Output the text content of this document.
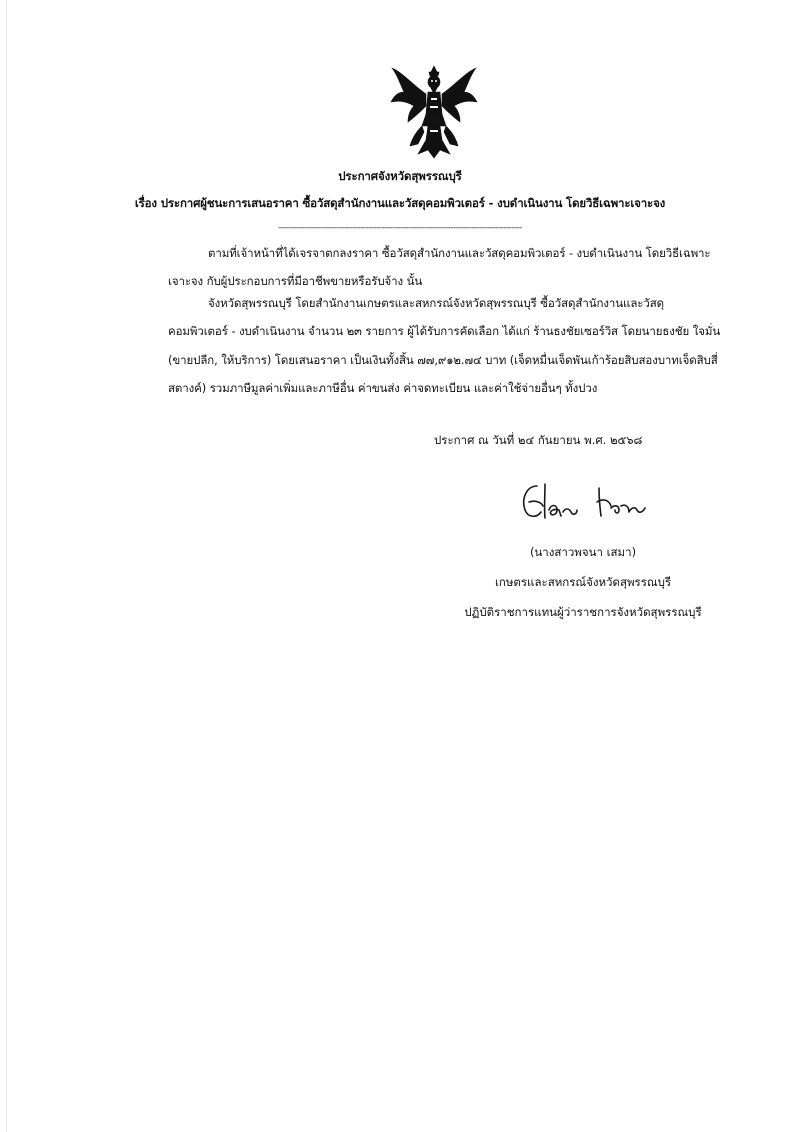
ประกาศจังหวัดสุพรรณบุรี
เรื่อง ประกาศผู้ชนะการเสนอราคา ซื้อวัสดุสำนักงานและวัสดุคอมพิวเตอร์ - งบดำเนินงาน โดยวิธีเฉพาะเจาะจง
--------------------------------------------------------------------------------------------
ตามที่เจ้าหน้าที่ได้เจรจาตกลงราคา ซื้อวัสดุสำนักงานและวัสดุคอมพิวเตอร์ - งบดำเนินงาน โดยวิธีเฉพาะ
เจาะจง กับผู้ประกอบการที่มีอาชีพขายหรือรับจ้าง นั้น
จังหวัดสุพรรณบุรี โดยสำนักงานเกษตรและสหกรณ์จังหวัดสุพรรณบุรี ซื้อวัสดุสำนักงานและวัสดุ
คอมพิวเตอร์ - งบดำเนินงาน จำนวน ๒๓ รายการ ผู้ได้รับการคัดเลือก ได้แก่ ร้านธงชัยเซอร์วิส โดยนายธงชัย ใจมั่น
(ขายปลีก, ให้บริการ) โดยเสนอราคา เป็นเงินทั้งสิ้น ๗๗,๙๑๒.๗๔ บาท (เจ็ดหมื่นเจ็ดพันเก้าร้อยสิบสองบาทเจ็ดสิบสี่
สตางค์) รวมภาษีมูลค่าเพิ่มและภาษีอื่น ค่าขนส่ง ค่าจดทะเบียน และค่าใช้จ่ายอื่นๆ ทั้งปวง
ประกาศ ณ วันที่ ๒๔ กันยายน พ.ศ. ๒๕๖๘
(นางสาวพจนา เสมา)
เกษตรและสหกรณ์จังหวัดสุพรรณบุรี
ปฏิบัติราชการแทนผู้ว่าราชการจังหวัดสุพรรณบุรี
